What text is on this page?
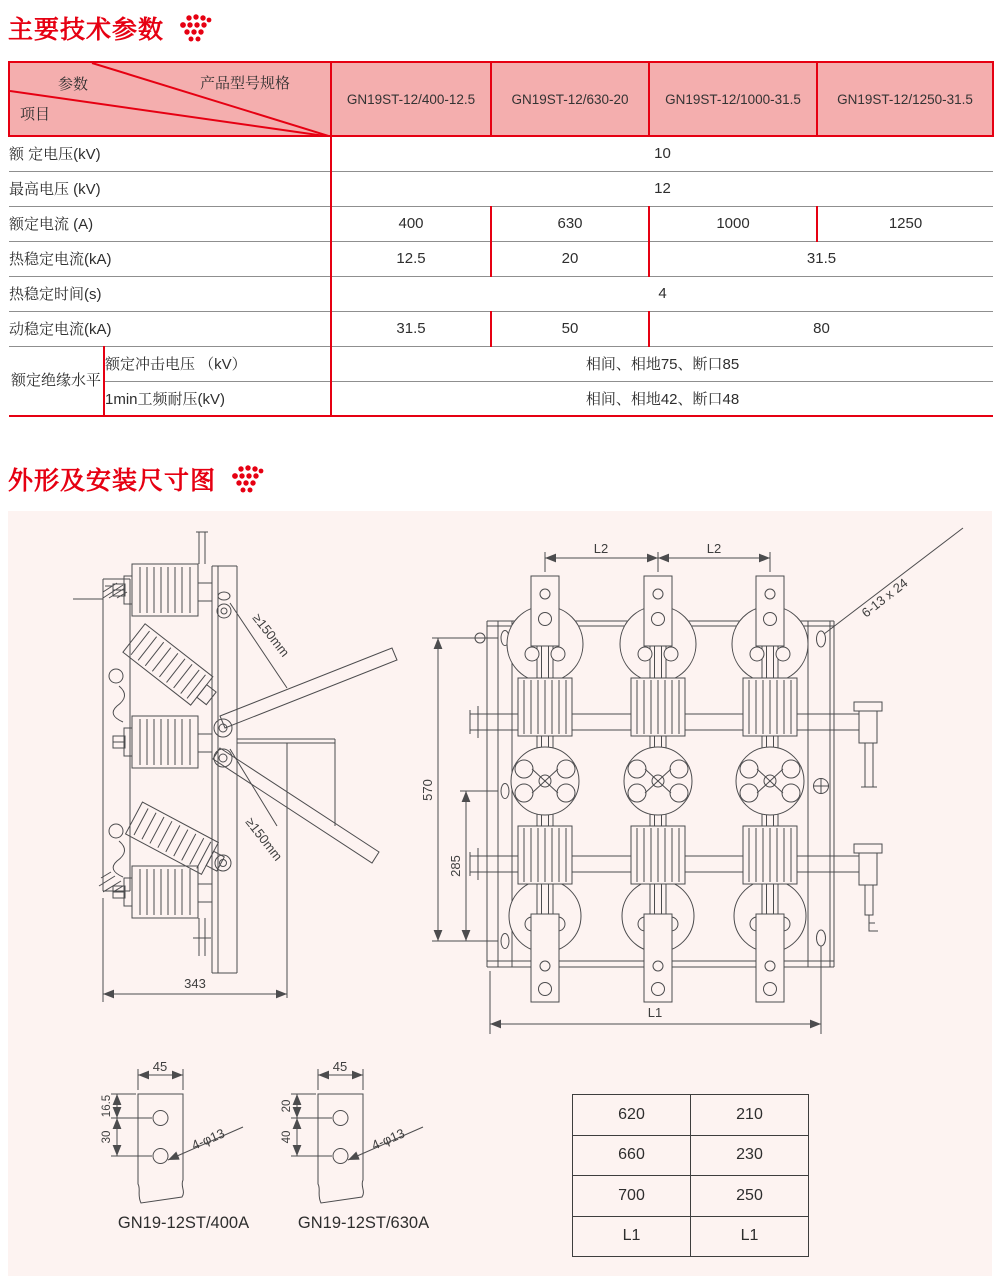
主要技术参数
参数 产品型号规格
项目		GN19ST-12/400-12.5	GN19ST-12/630-20	GN19ST-12/1000-31.5	GN19ST-12/1250-31.5
额 定电压(kV)		10			
最高电压 (kV)		12			
额定电流 (A)		400	630	1000	1250
热稳定电流(kA)		12.5	20	31.5	
热稳定时间(s)		4			
动稳定电流(kA)		31.5	50	80	
额定绝缘水平	额定冲击电压 （kV）	相间、相地75、断口85			
	1min工频耐压(kV)	相间、相地42、断口48			
外形及安装尺寸图
≥150mm
≥150mm
343
L2	L2
570
285
L1
6-13 x 24
45
16.5
30	4-φ13
GN19-12ST/400A
45
20
40	4-φ13
GN19-12ST/630A
620	210
660	230
700	250
L1	L1
